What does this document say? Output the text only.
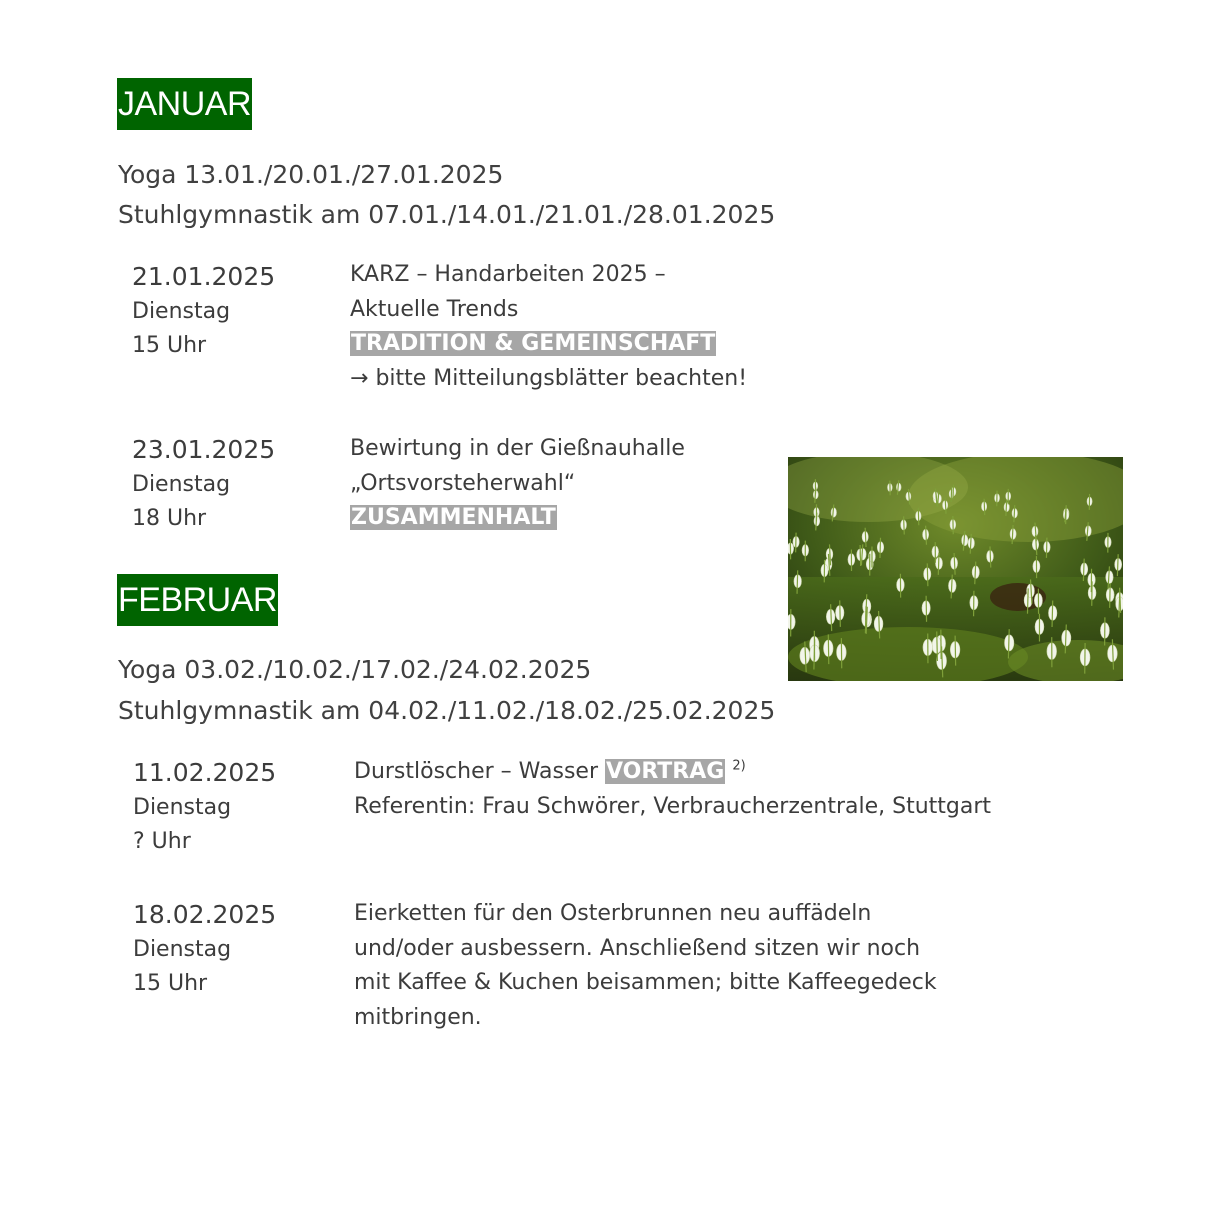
JANUAR
Yoga 13.01./20.01./27.01.2025
Stuhlgymnastik am 07.01./14.01./21.01./28.01.2025
21.01.2025
Dienstag
15 Uhr
KARZ – Handarbeiten 2025 –
Aktuelle Trends
TRADITION & GEMEINSCHAFT
→ bitte Mitteilungsblätter beachten!
23.01.2025
Dienstag
18 Uhr
Bewirtung in der Gießnauhalle
„Ortsvorsteherwahl“
ZUSAMMENHALT
FEBRUAR
Yoga 03.02./10.02./17.02./24.02.2025
Stuhlgymnastik am 04.02./11.02./18.02./25.02.2025
11.02.2025
Dienstag
? Uhr
Durstlöscher – Wasser VORTRAG $^{2)}$
Referentin: Frau Schwörer, Verbraucherzentrale, Stuttgart
18.02.2025
Dienstag
15 Uhr
Eierketten für den Osterbrunnen neu auffädeln
und/oder ausbessern. Anschließend sitzen wir noch
mit Kaffee & Kuchen beisammen; bitte Kaffeegedeck
mitbringen.
